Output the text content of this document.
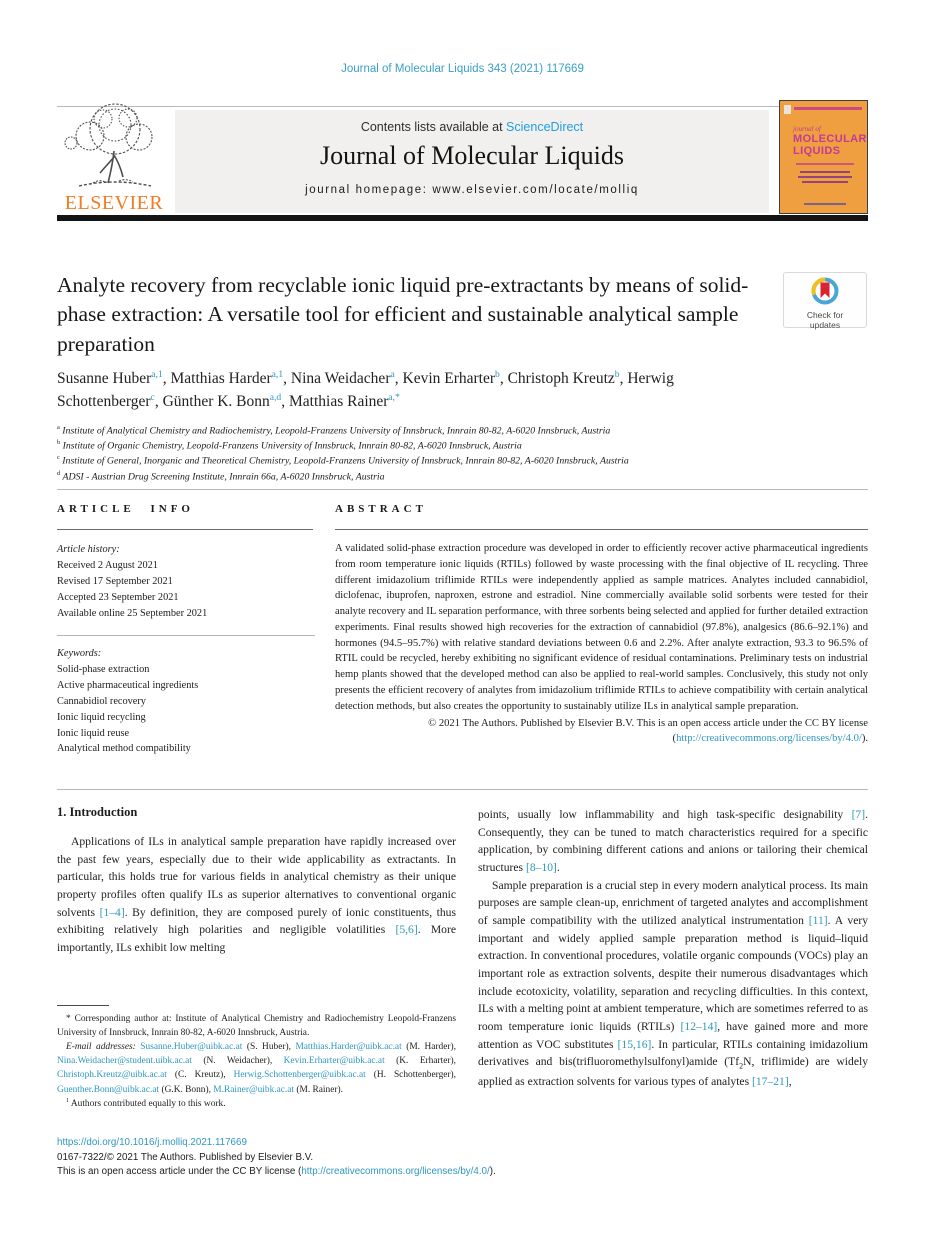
Journal of Molecular Liquids 343 (2021) 117669
ELSEVIER
Contents lists available at ScienceDirect
Journal of Molecular Liquids
journal homepage: www.elsevier.com/locate/molliq
journal of
MOLECULAR
LIQUIDS
Analyte recovery from recyclable ionic liquid pre-extractants by means of solid-phase extraction: A versatile tool for efficient and sustainable analytical sample preparation
Check for
updates
Susanne Huber$^{a,1}$, Matthias Harder$^{a,1}$, Nina Weidacher$^a$, Kevin Erharter$^b$, Christoph Kreutz$^b$, Herwig Schottenberger$^c$, Günther K. Bonn$^{a,d}$, Matthias Rainer$^{a,*}$
$^a$ Institute of Analytical Chemistry and Radiochemistry, Leopold-Franzens University of Innsbruck, Innrain 80-82, A-6020 Innsbruck, Austria
$^b$ Institute of Organic Chemistry, Leopold-Franzens University of Innsbruck, Innrain 80-82, A-6020 Innsbruck, Austria
$^c$ Institute of General, Inorganic and Theoretical Chemistry, Leopold-Franzens University of Innsbruck, Innrain 80-82, A-6020 Innsbruck, Austria
$^d$ ADSI - Austrian Drug Screening Institute, Innrain 66a, A-6020 Innsbruck, Austria
ARTICLE INFO	ABSTRACT
Article history:
Received 2 August 2021
Revised 17 September 2021
Accepted 23 September 2021
Available online 25 September 2021
Keywords:
Solid-phase extraction
Active pharmaceutical ingredients
Cannabidiol recovery
Ionic liquid recycling
Ionic liquid reuse
Analytical method compatibility
A validated solid-phase extraction procedure was developed in order to efficiently recover active pharmaceutical ingredients from room temperature ionic liquids (RTILs) followed by waste processing with the final objective of IL recycling. Three different imidazolium triflimide RTILs were independently applied as sample matrices. Analytes included cannabidiol, diclofenac, ibuprofen, naproxen, estrone and estradiol. Nine commercially available solid sorbents were tested for their analyte recovery and IL separation performance, with three sorbents being selected and applied for further detailed extraction experiments. Final results showed high recoveries for the extraction of cannabidiol (97.8%), analgesics (86.6–92.1%) and hormones (94.5–95.7%) with relative standard deviations between 0.6 and 2.2%. After analyte extraction, 93.3 to 96.5% of RTIL could be recycled, hereby exhibiting no significant evidence of residual contaminations. Preliminary tests on industrial hemp plants showed that the developed method can also be applied to real-world samples. Conclusively, this study not only presents the efficient recovery of analytes from imidazolium triflimide RTILs to achieve compatibility with certain analytical detection methods, but also creates the opportunity to sustainably utilize ILs in analytical sample preparation.
© 2021 The Authors. Published by Elsevier B.V. This is an open access article under the CC BY license (http://creativecommons.org/licenses/by/4.0/).
1. Introduction

Applications of ILs in analytical sample preparation have rapidly increased over the past few years, especially due to their wide applicability as extractants. In particular, this holds true for various fields in analytical chemistry as their unique property profiles often qualify ILs as superior alternatives to conventional organic solvents [1–4]. By definition, they are composed purely of ionic constituents, thus exhibiting relatively high polarities and negligible volatilities [5,6]. More importantly, ILs exhibit low melting

points, usually low inflammability and high task-specific designability [7]. Consequently, they can be tuned to match characteristics required for a specific application, by combining different cations and anions or tailoring their chemical structures [8–10].

Sample preparation is a crucial step in every modern analytical process. Its main purposes are sample clean-up, enrichment of targeted analytes and accomplishment of sample compatibility with the utilized analytical instrumentation [11]. A very important and widely applied sample preparation method is liquid–liquid extraction. In conventional procedures, volatile organic compounds (VOCs) play an important role as extraction solvents, despite their numerous disadvantages which include ecotoxicity, volatility, separation and recycling difficulties. In this context, ILs with a melting point at ambient temperature, which are sometimes referred to as room temperature ionic liquids (RTILs) [12–14], have gained more and more attention as VOC substitutes [15,16]. In particular, RTILs containing imidazolium derivatives and bis(trifluoromethylsulfonyl)amide ($Tf_2N$, triflimide) are widely applied as extraction solvents for various types of analytes [17–21],

* Corresponding author at: Institute of Analytical Chemistry and Radiochemistry Leopold-Franzens University of Innsbruck, Innrain 80-82, A-6020 Innsbruck, Austria.
E-mail addresses: Susanne.Huber@uibk.ac.at (S. Huber), Matthias.Harder@uibk.ac.at (M. Harder), Nina.Weidacher@student.uibk.ac.at (N. Weidacher), Kevin.Erharter@uibk.ac.at (K. Erharter), Christoph.Kreutz@uibk.ac.at (C. Kreutz), Herwig.Schottenberger@uibk.ac.at (H. Schottenberger), Guenther.Bonn@uibk.ac.at (G.K. Bonn), M.Rainer@uibk.ac.at (M. Rainer).
$^1$ Authors contributed equally to this work.
https://doi.org/10.1016/j.molliq.2021.117669
0167-7322/© 2021 The Authors. Published by Elsevier B.V.
This is an open access article under the CC BY license (http://creativecommons.org/licenses/by/4.0/).
